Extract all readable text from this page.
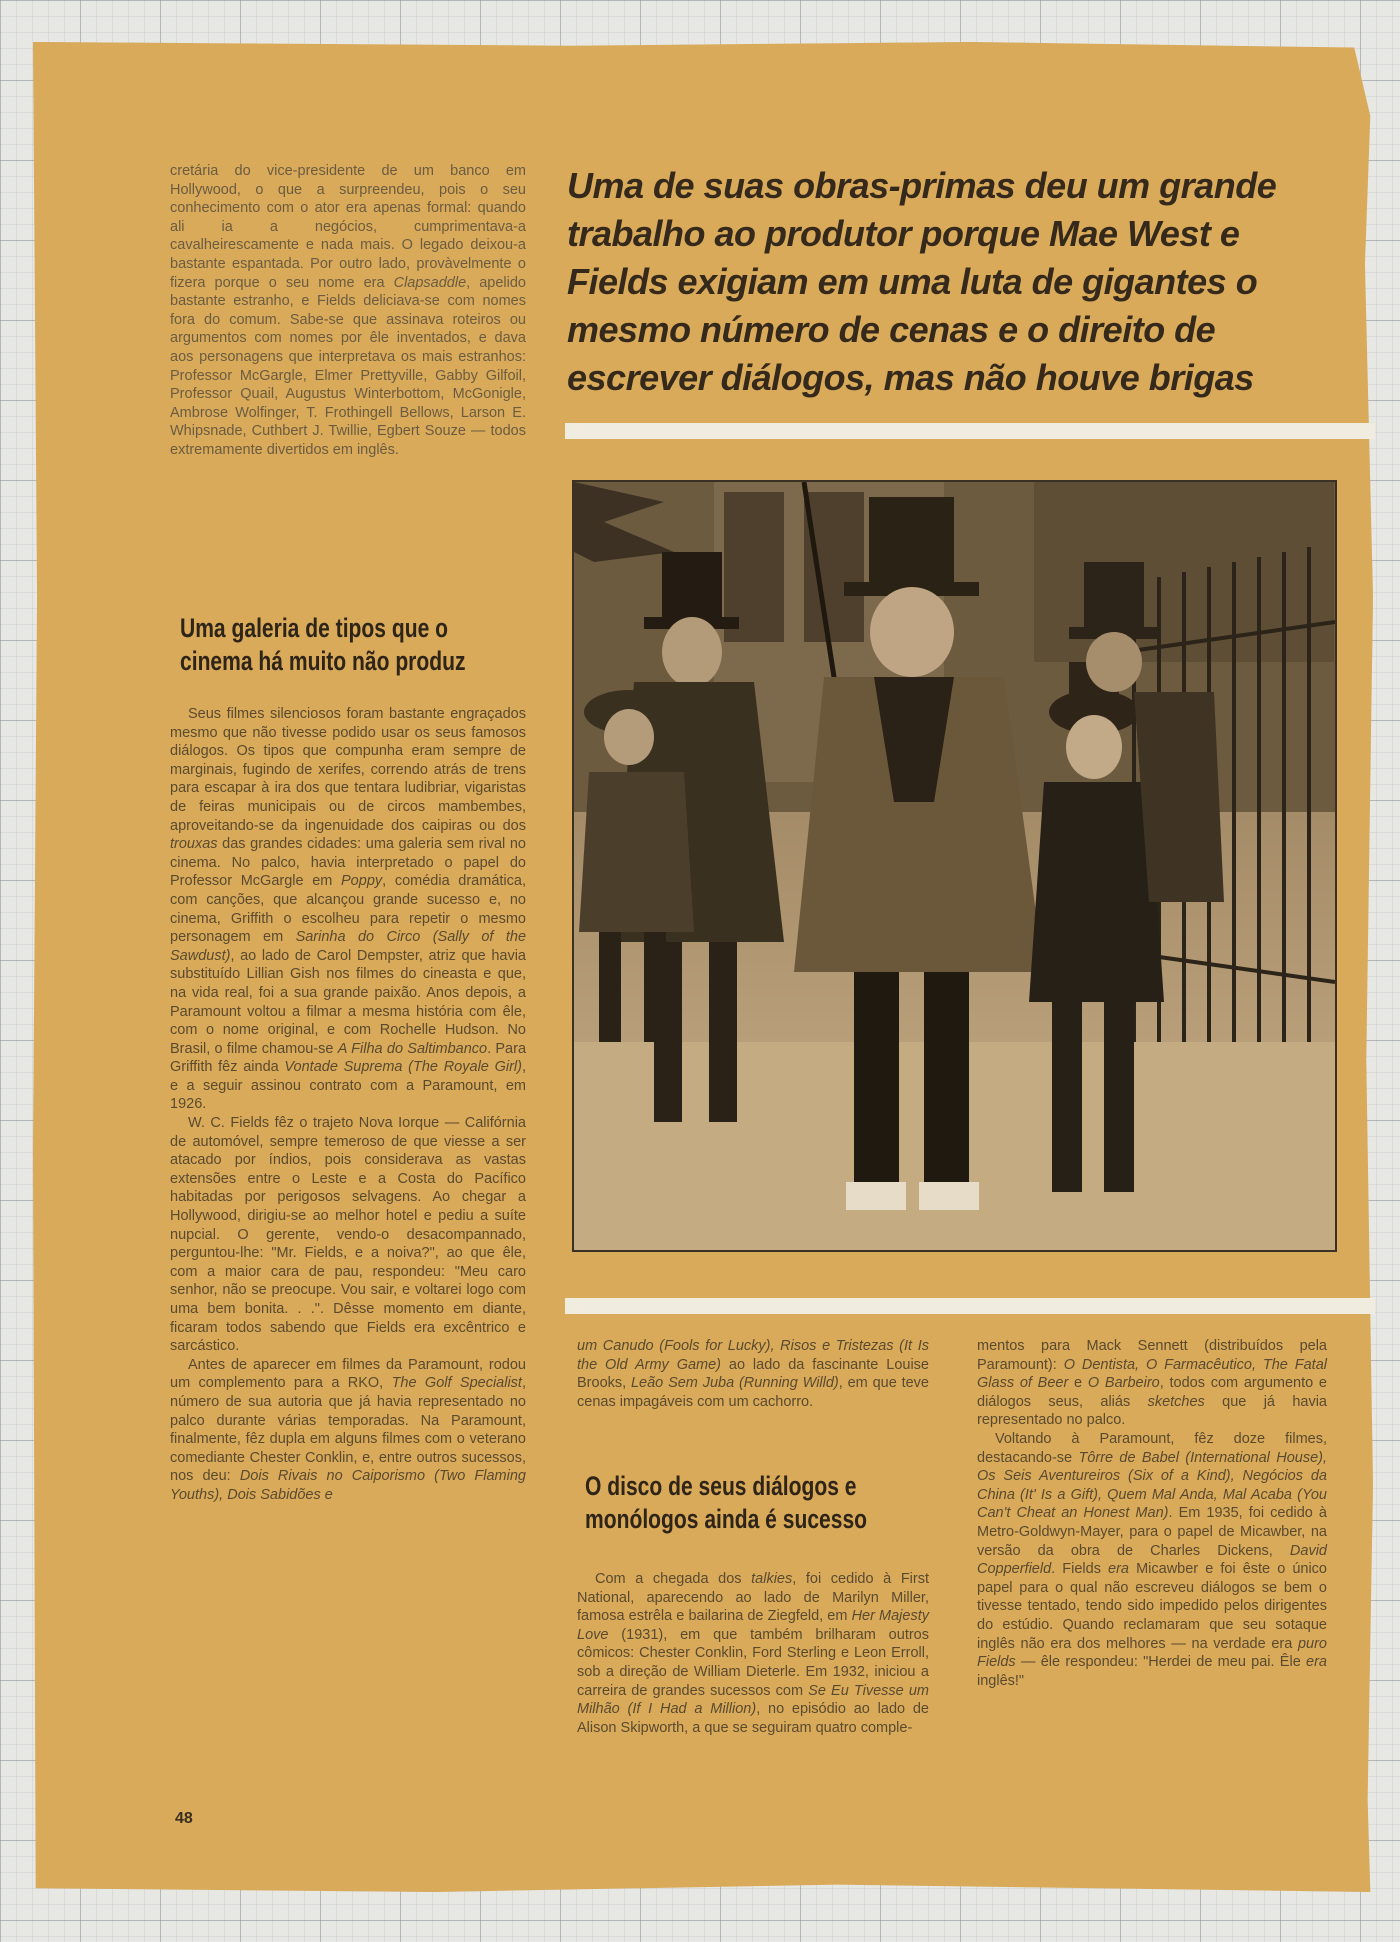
cretária do vice-presidente de um banco em Hollywood, o que a surpreendeu, pois o seu conhecimento com o ator era apenas formal: quando ali ia a negócios, cumprimentava-a cavalheirescamente e nada mais. O legado deixou-a bastante espantada. Por outro lado, provàvelmente o fizera porque o seu nome era Clapsaddle, apelido bastante estranho, e Fields deliciava-se com nomes fora do comum. Sabe-se que assinava roteiros ou argumentos com nomes por êle inventados, e dava aos personagens que interpretava os mais estranhos: Professor McGargle, Elmer Prettyville, Gabby Gilfoil, Professor Quail, Augustus Winterbottom, McGonigle, Ambrose Wolfinger, T. Frothingell Bellows, Larson E. Whipsnade, Cuthbert J. Twillie, Egbert Souze — todos extremamente divertidos em inglês.

Uma galeria de tipos que o cinema há muito não produz

Seus filmes silenciosos foram bastante engraçados mesmo que não tivesse podido usar os seus famosos diálogos. Os tipos que compunha eram sempre de marginais, fugindo de xerifes, correndo atrás de trens para escapar à ira dos que tentara ludibriar, vigaristas de feiras municipais ou de circos mambembes, aproveitando-se da ingenuidade dos caipiras ou dos trouxas das grandes cidades: uma galeria sem rival no cinema. No palco, havia interpretado o papel do Professor McGargle em Poppy, comédia dramática, com canções, que alcançou grande sucesso e, no cinema, Griffith o escolheu para repetir o mesmo personagem em Sarinha do Circo (Sally of the Sawdust), ao lado de Carol Dempster, atriz que havia substituído Lillian Gish nos filmes do cineasta e que, na vida real, foi a sua grande paixão. Anos depois, a Paramount voltou a filmar a mesma história com êle, com o nome original, e com Rochelle Hudson. No Brasil, o filme chamou-se A Filha do Saltimbanco. Para Griffith fêz ainda Vontade Suprema (The Royale Girl), e a seguir assinou contrato com a Paramount, em 1926.

W. C. Fields fêz o trajeto Nova Iorque — Califórnia de automóvel, sempre temeroso de que viesse a ser atacado por índios, pois considerava as vastas extensões entre o Leste e a Costa do Pacífico habitadas por perigosos selvagens. Ao chegar a Hollywood, dirigiu-se ao melhor hotel e pediu a suíte nupcial. O gerente, vendo-o desacompannado, perguntou-lhe: "Mr. Fields, e a noiva?", ao que êle, com a maior cara de pau, respondeu: "Meu caro senhor, não se preocupe. Vou sair, e voltarei logo com uma bem bonita. . .". Dêsse momento em diante, ficaram todos sabendo que Fields era excêntrico e sarcástico.

Antes de aparecer em filmes da Paramount, rodou um complemento para a RKO, The Golf Specialist, número de sua autoria que já havia representado no palco durante várias temporadas. Na Paramount, finalmente, fêz dupla em alguns filmes com o veterano comediante Chester Conklin, e, entre outros sucessos, nos deu: Dois Rivais no Caiporismo (Two Flaming Youths), Dois Sabidões e

Uma de suas obras-primas deu um grande trabalho ao produtor porque Mae West e Fields exigiam em uma luta de gigantes o mesmo número de cenas e o direito de escrever diálogos, mas não houve brigas

um Canudo (Fools for Lucky), Risos e Tristezas (It Is the Old Army Game) ao lado da fascinante Louise Brooks, Leão Sem Juba (Running Willd), em que teve cenas impagáveis com um cachorro.

O disco de seus diálogos e monólogos ainda é sucesso

Com a chegada dos talkies, foi cedido à First National, aparecendo ao lado de Marilyn Miller, famosa estrêla e bailarina de Ziegfeld, em Her Majesty Love (1931), em que também brilharam outros cômicos: Chester Conklin, Ford Sterling e Leon Erroll, sob a direção de William Dieterle. Em 1932, iniciou a carreira de grandes sucessos com Se Eu Tivesse um Milhão (If I Had a Million), no episódio ao lado de Alison Skipworth, a que se seguiram quatro comple-

mentos para Mack Sennett (distribuídos pela Paramount): O Dentista, O Farmacêutico, The Fatal Glass of Beer e O Barbeiro, todos com argumento e diálogos seus, aliás sketches que já havia representado no palco.

Voltando à Paramount, fêz doze filmes, destacando-se Tôrre de Babel (International House), Os Seis Aventureiros (Six of a Kind), Negócios da China (It' Is a Gift), Quem Mal Anda, Mal Acaba (You Can't Cheat an Honest Man). Em 1935, foi cedido à Metro-Goldwyn-Mayer, para o papel de Micawber, na versão da obra de Charles Dickens, David Copperfield. Fields era Micawber e foi êste o único papel para o qual não escreveu diálogos se bem o tivesse tentado, tendo sido impedido pelos dirigentes do estúdio. Quando reclamaram que seu sotaque inglês não era dos melhores — na verdade era puro Fields — êle respondeu: "Herdei de meu pai. Êle era inglês!"

48
